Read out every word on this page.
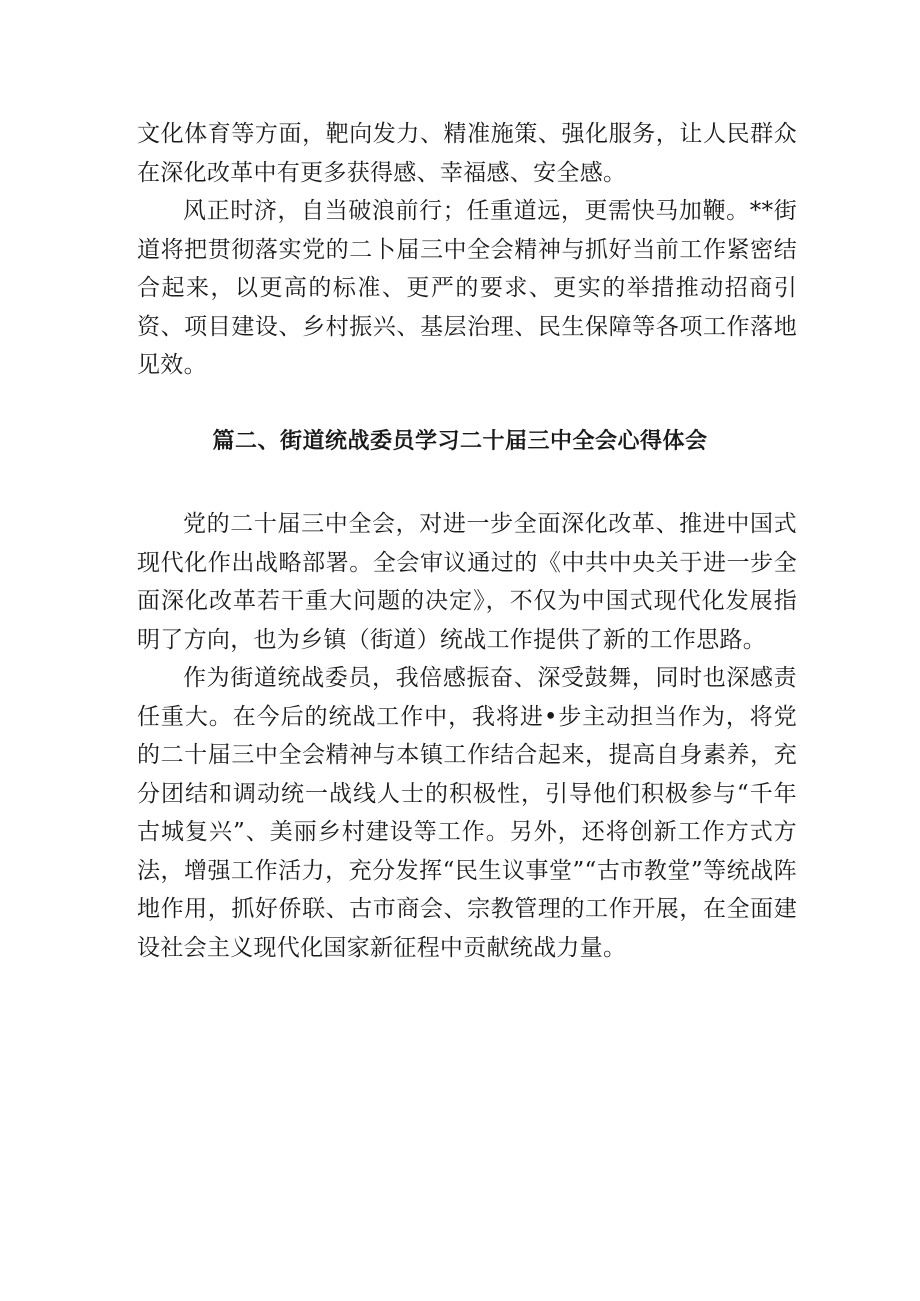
文化体育等方面，靶向发力、精准施策、强化服务，让人民群众在深化改革中有更多获得感、幸福感、安全感。

风正时济，自当破浪前行；任重道远，更需快马加鞭。**街道将把贯彻落实党的二卜届三中全会精神与抓好当前工作紧密结合起来，以更高的标准、更严的要求、更实的举措推动招商引资、项目建设、乡村振兴、基层治理、民生保障等各项工作落地见效。

篇二、街道统战委员学习二十届三中全会心得体会

党的二十届三中全会，对进一步全面深化改革、推进中国式现代化作出战略部署。全会审议通过的《中共中央关于进一步全面深化改革若干重大问题的决定》，不仅为中国式现代化发展指明了方向，也为乡镇（街道）统战工作提供了新的工作思路。

作为街道统战委员，我倍感振奋、深受鼓舞，同时也深感责任重大。在今后的统战工作中，我将进•步主动担当作为，将党的二十届三中全会精神与本镇工作结合起来，提高自身素养，充分团结和调动统一战线人士的积极性，引导他们积极参与“千年古城复兴”、美丽乡村建设等工作。另外，还将创新工作方式方法，增强工作活力，充分发挥“民生议事堂”“古市教堂”等统战阵地作用，抓好侨联、古市商会、宗教管理的工作开展，在全面建设社会主义现代化国家新征程中贡献统战力量。
